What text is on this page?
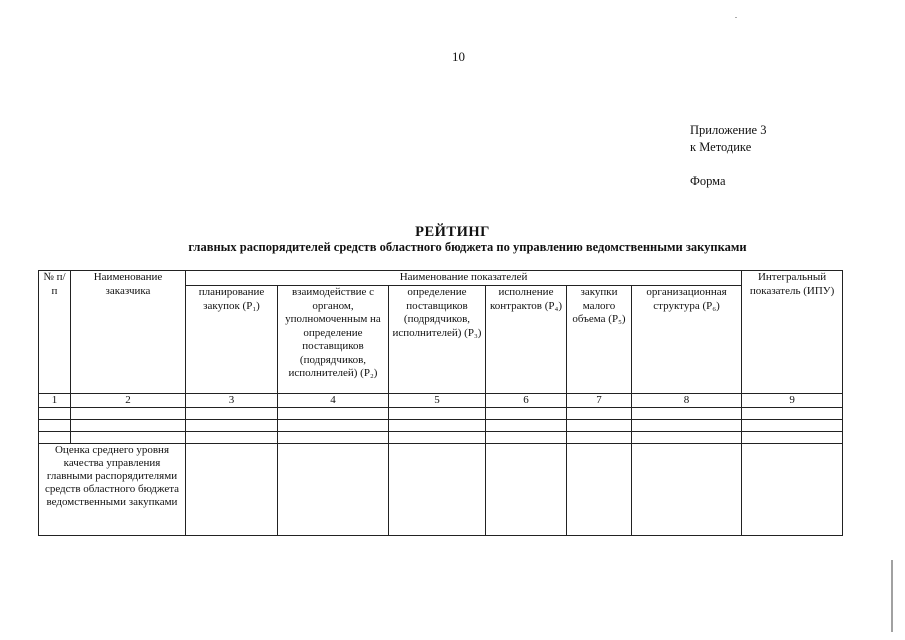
10
Приложение 3
к Методике
Форма
РЕЙТИНГ
главных распорядителей средств областного бюджета по управлению ведомственными закупками
№ п/п	Наименование заказчика	Наименование показателей						Интегральный показатель (ИПУ)
		планирование закупок (P₁)	взаимодействие с органом, уполномоченным на определение поставщиков (подрядчиков, исполнителей) (P₂)	определение поставщиков (подрядчиков, исполнителей) (P₃)	исполнение контрактов (P₄)	закупки малого объема (P₅)	организационная структура (P₆)	
1	2	3	4	5	6	7	8	9

Оценка среднего уровня качества управления главными распорядителями средств областного бюджета ведомственными закупками								
